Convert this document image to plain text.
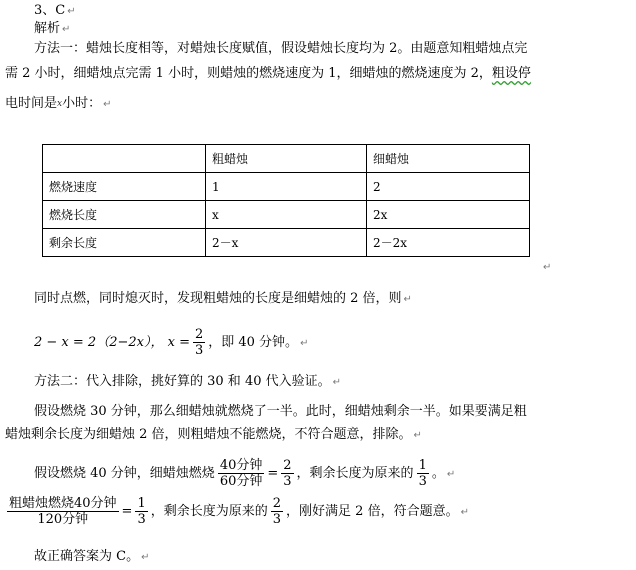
3、C ↵
解析 ↵
方法一：蜡烛长度相等，对蜡烛长度赋值，假设蜡烛长度均为 2。由题意知粗蜡烛点完
需 2 小时，细蜡烛点完需 1 小时，则蜡烛的燃烧速度为 1，细蜡烛的燃烧速度为 2，粗设停
电时间是$^x$小时： ↵
	粗蜡烛	细蜡烛
燃烧速度	1	2
燃烧长度	x	2x
剩余长度	2－x	2－2x
↵
同时点燃，同时熄灭时，发现粗蜡烛的长度是细蜡烛的 2 倍，则 ↵
2 − x = 2（2−2x）， $x = \frac{2}{3}$ ，即 40 分钟。 ↵
方法二：代入排除，挑好算的 30 和 40 代入验证。 ↵
假设燃烧 30 分钟，那么细蜡烛就燃烧了一半。此时，细蜡烛剩余一半。如果要满足粗
蜡烛剩余长度为细蜡烛 2 倍，则粗蜡烛不能燃烧，不符合题意，排除。 ↵
假设燃烧 40 分钟，细蜡烛燃烧 $\frac{\text{40分钟}}{\text{60分钟}} = \frac{2}{3}$ ，剩余长度为原来的 $\frac{1}{3}$ 。 ↵
$\frac{\text{粗蜡烛燃烧40分钟}}{\text{120分钟}} = \frac{1}{3}$ ，剩余长度为原来的 $\frac{2}{3}$ ，刚好满足 2 倍，符合题意。 ↵
故正确答案为 C。 ↵
